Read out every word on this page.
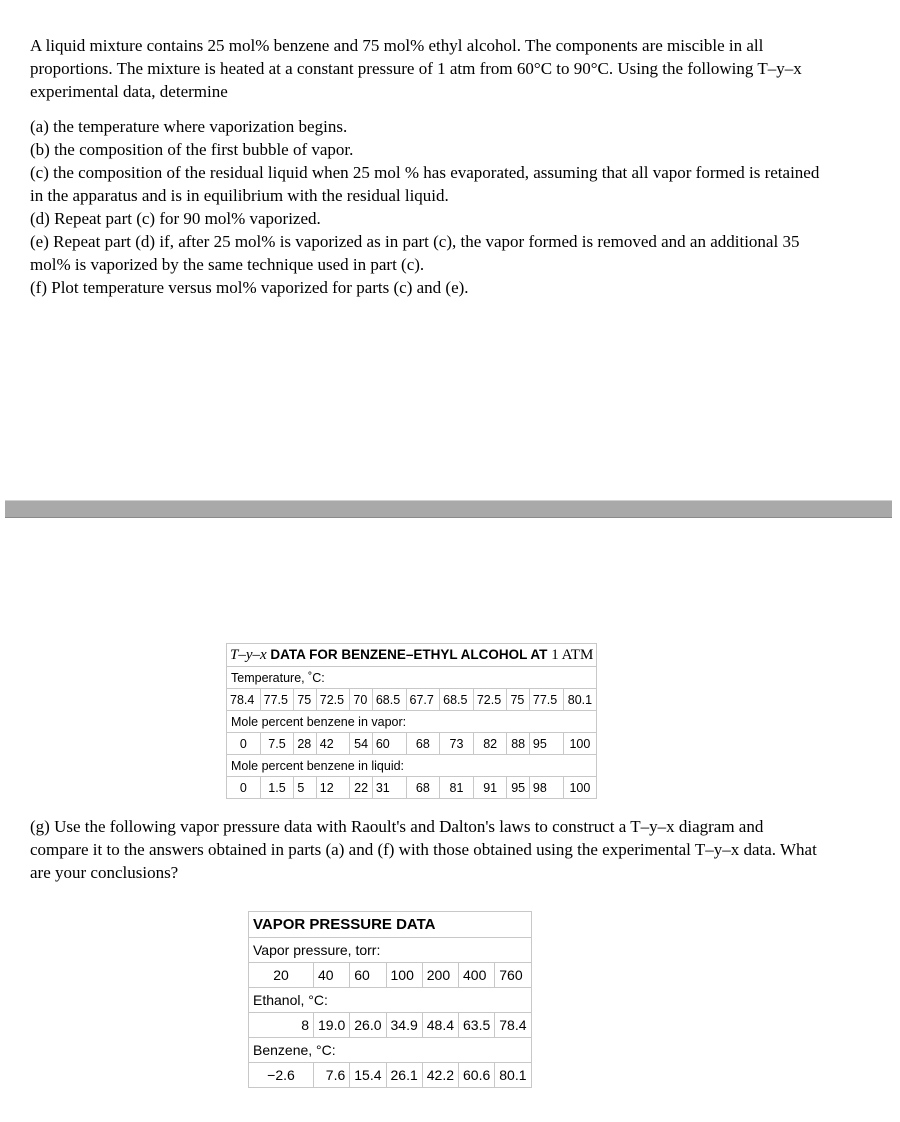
A liquid mixture contains 25 mol% benzene and 75 mol% ethyl alcohol. The components are miscible in all proportions. The mixture is heated at a constant pressure of 1 atm from 60°C to 90°C. Using the following T–y–x experimental data, determine

(a) the temperature where vaporization begins.

(b) the composition of the first bubble of vapor.

(c) the composition of the residual liquid when 25 mol % has evaporated, assuming that all vapor formed is retained in the apparatus and is in equilibrium with the residual liquid.

(d) Repeat part (c) for 90 mol% vaporized.

(e) Repeat part (d) if, after 25 mol% is vaporized as in part (c), the vapor formed is removed and an additional 35 mol% is vaporized by the same technique used in part (c).

(f) Plot temperature versus mol% vaporized for parts (c) and (e).

T–y–x DATA FOR BENZENE–ETHYL ALCOHOL AT 1 ATM											
Temperature, ˚C:											
78.4	77.5	75	72.5	70	68.5	67.7	68.5	72.5	75	77.5	80.1
Mole percent benzene in vapor:											
0	7.5	28	42	54	60	68	73	82	88	95	100
Mole percent benzene in liquid:											
0	1.5	5	12	22	31	68	81	91	95	98	100

(g) Use the following vapor pressure data with Raoult's and Dalton's laws to construct a T–y–x diagram and compare it to the answers obtained in parts (a) and (f) with those obtained using the experimental T–y–x data. What are your conclusions?

VAPOR PRESSURE DATA						
Vapor pressure, torr:						
20	40	60	100	200	400	760
Ethanol, °C:						
8	19.0	26.0	34.9	48.4	63.5	78.4
Benzene, °C:						
−2.6	7.6	15.4	26.1	42.2	60.6	80.1
